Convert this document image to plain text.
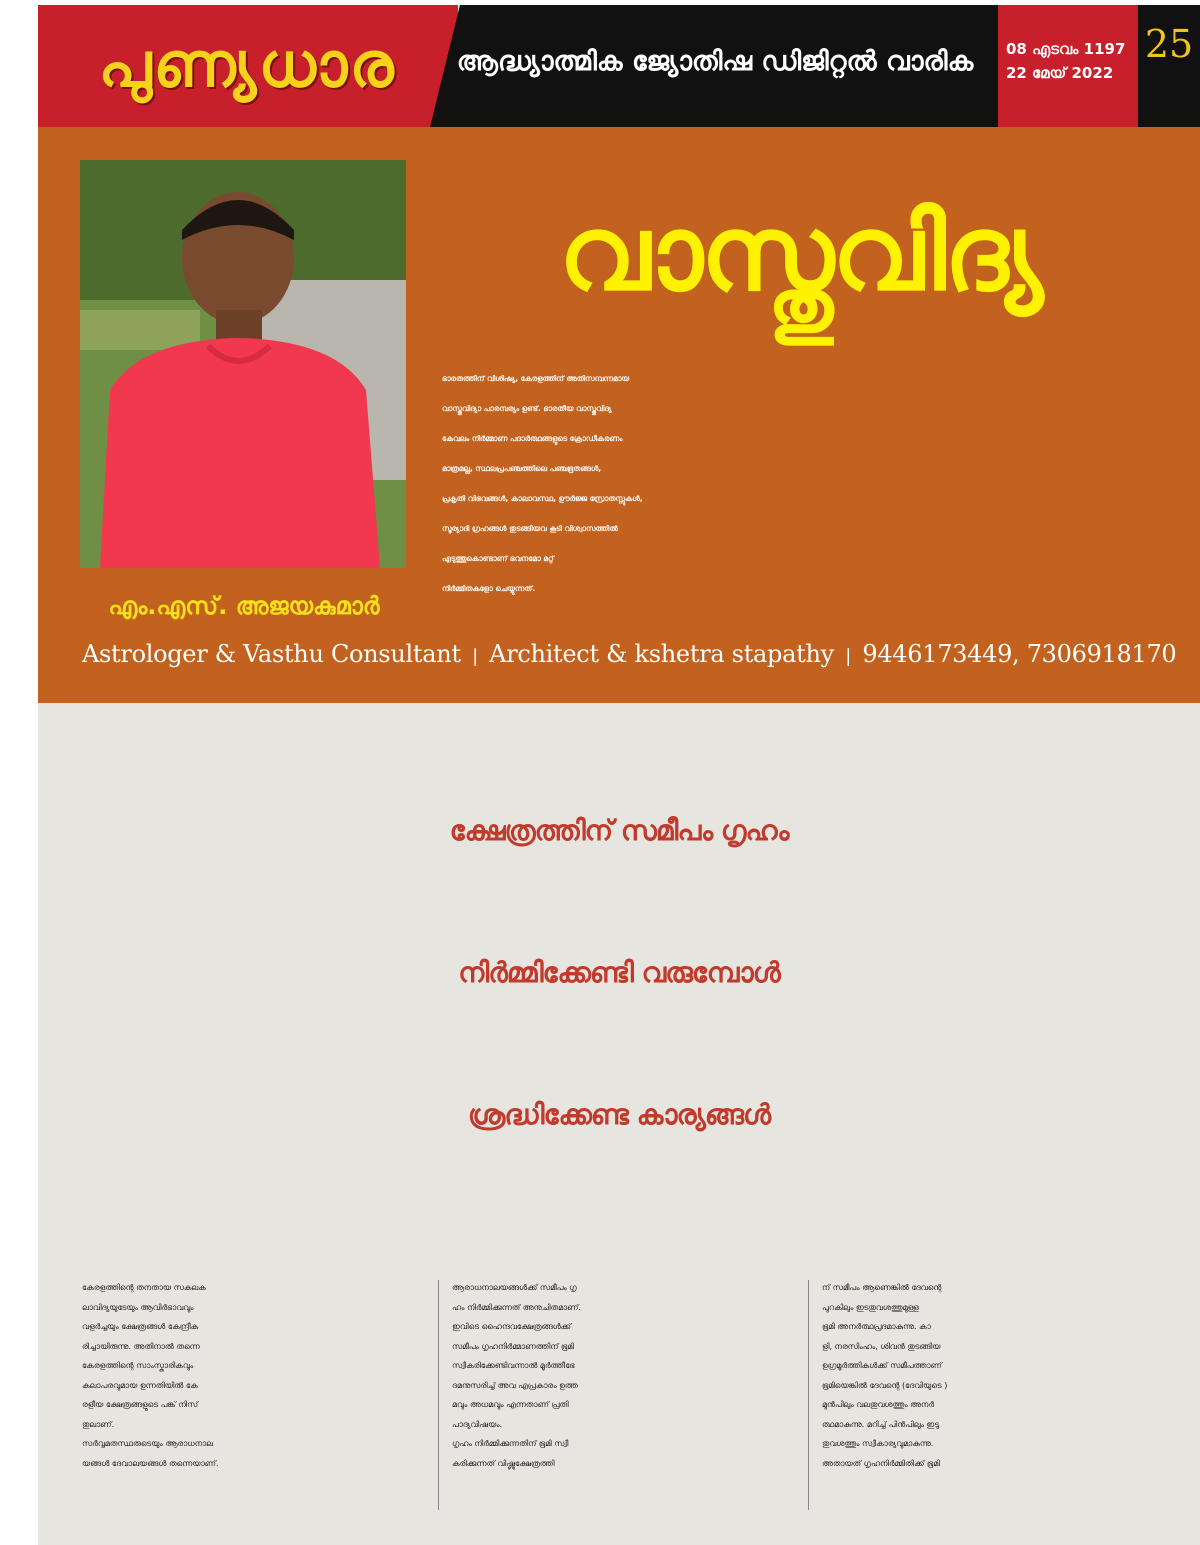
പുണ്യധാര	ആദ്ധ്യാത്മിക ജ്യോതിഷ ഡിജിറ്റൽ വാരിക	08 എടവം 1197
22 മേയ് 2022
25
എം.എസ്. അജയകുമാർ
വാസ്തുവിദ്യ
ഭാരതത്തിന് വിശിഷ്യ, കേരളത്തിന് അതിസമ്പന്നമായ
വാസ്തുവിദ്യാ പാരമ്പര്യം ഉണ്ട്. ഭാരതീയ വാസ്തുവിദ്യ
കേവലം നിർമ്മാണ പദാർത്ഥങ്ങളുടെ ക്രോഡീകരണം
മാത്രമല്ല, സ്ഥലപ്രപഞ്ചത്തിലെ പഞ്ചഭൂതങ്ങൾ,
പ്രകൃതി വിഭവങ്ങൾ, കാലാവസ്ഥ, ഊർജ്ജ സ്രോതസ്സുകൾ,
സൂര്യാദി ഗ്രഹങ്ങൾ തുടങ്ങിയവ കൂടി വിശ്വാസത്തിൽ
എടുത്തുകൊണ്ടാണ് ഭവനമോ മറ്റ്
നിർമ്മിതകളോ ചെയ്യുന്നത്.
Astrologer & Vasthu Consultant | Architect & kshetra stapathy | 9446173449, 7306918170
ക്ഷേത്രത്തിന് സമീപം ഗൃഹം
നിർമ്മിക്കേണ്ടി വരുമ്പോൾ
ശ്രദ്ധിക്കേണ്ട കാര്യങ്ങൾ
കേരളത്തിന്റെ തനതായ സകലക
ലാവിദ്യയുടേയും ആവിർഭാവവും
വളർച്ചയും ക്ഷേത്രങ്ങൾ കേന്ദ്രീക
രിച്ചായിരുന്നു. അതിനാൽ തന്നെ
കേരളത്തിന്റെ സാംസ്കാരികവും
കലാപരവുമായ ഉന്നതിയിൽ കേ
രളീയ ക്ഷേത്രങ്ങളുടെ പങ്ക് നിസ്
തുലാണ്.
സർവ്വമതസ്ഥരുടെയും ആരാധനാല
യങ്ങൾ ദേവാലയങ്ങൾ തന്നെയാണ്.
ആരാധനാലയങ്ങൾക്ക് സമീപം ഗൃ
ഹം നിർമ്മിക്കുന്നത് അനുചിതമാണ്.
ഇവിടെ ഹൈന്ദവക്ഷേത്രങ്ങൾക്ക്
സമീപം ഗൃഹനിർമ്മാണത്തിന് ഭൂമി
സ്വീകരിക്കേണ്ടിവന്നാൽ മൂർത്തീഭേ
ദമനുസരിച്ച് അവ എപ്രകാരം ഉത്ത
മവും അധമവും എന്നതാണ് പ്രതി
പാദ്യവിഷയം.
ഗൃഹം നിർമ്മിക്കുന്നതിന് ഭൂമി സ്വീ
കരിക്കുന്നത് വിഷ്ണുക്ഷേത്രത്തി
ന് സമീപം ആണെങ്കിൽ ദേവന്റെ
പുറകിലും ഇടതുവശത്തുമുള്ള
ഭൂമി അനർത്ഥപ്രദമാകുന്നു. കാ
ളി, നരസിംഹം, ശിവൻ തുടങ്ങിയ
ഉഗ്രമൂർത്തികൾക്ക് സമീപത്താണ്
ഭൂമിയെങ്കിൽ ദേവന്റെ (ദേവിയുടെ )
മുൻപിലും വലതുവശത്തും അനർ
ത്ഥമാകുന്നു. മറിച്ച് പിൻപിലും ഇടു
തുവശത്തും സ്വീകാര്യവുമാകുന്നു.
അതായത് ഗൃഹനിർമ്മിതിക്ക് ഭൂമി
